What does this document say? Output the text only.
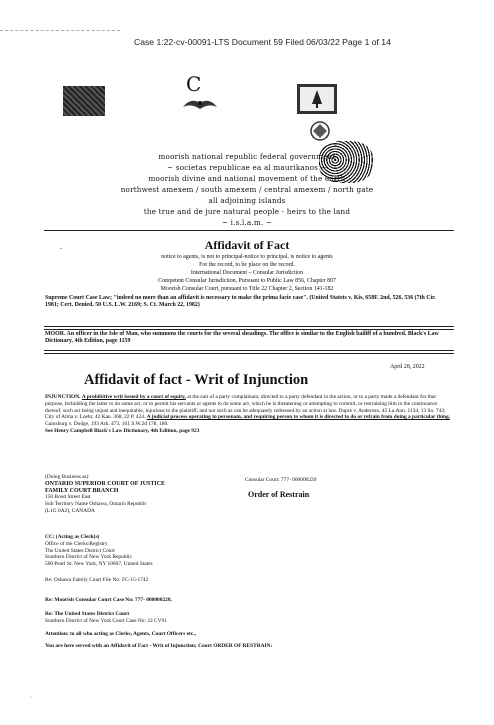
Case 1:22-cv-00091-LTS Document 59 Filed 06/03/22 Page 1 of 14
C
moorish national republic federal government
~ societas republicae ea al maurikanos ~
moorish divine and national movement of the earth
northwest amexem / south amexem / central amexem / north gate
all adjoining islands
the true and de jure natural people - heirs to the land
~ i.s.l.a.m. ~
-	Affidavit of Fact
notice to agents, is not to principal-notice to principal, is notice to agents
For the record, to be place on the record.
International Document – Consular Jurisdiction
Competent Consular Jurisdiction, Pursuant to Public Law 856, Chapter 807
Moorish Consular Court, pursuant to Title 22 Chapter 2, Section 141-182
Supreme Court Case Law; "indeed no more than an affidavit is necessary to make the prima facie case". (United Statets v. Kis, 658F. 2nd, 526, 536 (7th Cir. 1981; Cert. Denied, 50 U.S. L.W. 2169; S. Ct. March 22, 1982)
MOOR. An officer in the Isle of Man, who summons the courts for the several sheadings. The office is similar to the English bailiff of a hundred. Black's Law Dictionary, 4th Edition, page 1159
April 28, 2022
Affidavit of fact - Writ of Injunction
INJUNCTION. A prohibitive writ issued by a court of equity, at the suit of a party complainant, directed to a party defendant in the action, or to a party made a defendant for that purpose, forbidding the latter to do some act, or to permit his servants or agents to do some act, which he is threatening or attempting to commit, or restraining him in the continuance thereof, such act being unjust and inequitable, injurious to the plaintiff, and not such as can be adequately redressed by an action at law. Dupre v. Anderson, 45 La.Ann. 1134, 13 So. 743; City of Alma v. Loehr, 42 Kan. 368, 22 P. 424. A judicial process operating in personam, and requiring person to whom it is directed to do or refrain from doing a particular thing. Gainsburg v. Dodge, 193 Ark. 473, 101 S.W.2d 178, 180.

See Henry Campbell Black's Law Dictionary, 4th Edition, page 923

(Doing Business as)
ONTARIO SUPERIOR COURT OF JUSTICE
FAMILY COURT BRANCH
150 Bond Street East
Sub Territory Name Oshawa, Ontario Republic
(L1G 0A2), CANADA
Consular Court: 777- 000000220
Order of Restrain
CC: (Acting as Clerk(s)
Office of the Clerks/Registry
The United States District Court
Southern District of New York Republic
500 Pearl St. New York, NY 10007, United States
Re: Oshawa Family Court File No: FC-15-1742
Re: Moorish Consular Court Case No: 777- 000000220,
Re: The United States District Court
Southern District of New York Court Case No: 22 CV91
Attention: to all who acting as Clerks, Agents, Court Officers etc.,
You are here served with an Affidavit of Fact - Writ of Injunction; Court ORDER OF RESTRAIN:
,
